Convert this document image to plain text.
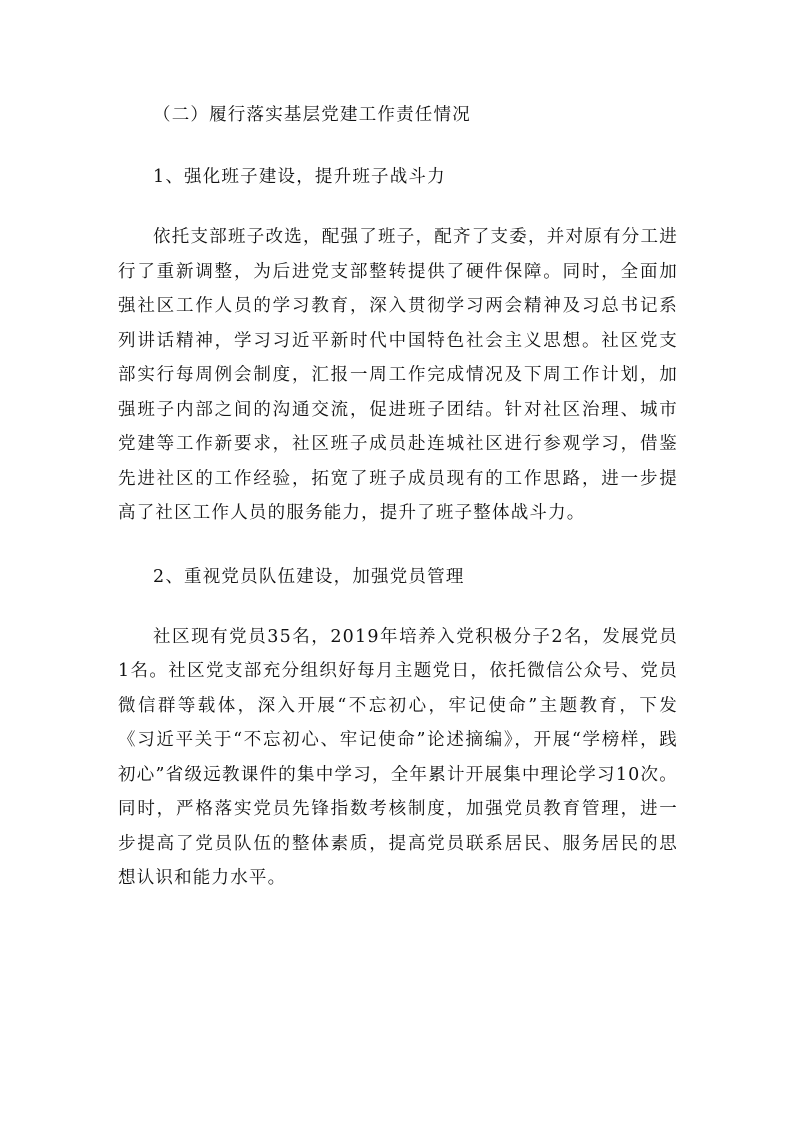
（二）履行落实基层党建工作责任情况
1、强化班子建设，提升班子战斗力

依托支部班子改选，配强了班子，配齐了支委，并对原有分工进行了重新调整，为后进党支部整转提供了硬件保障。同时，全面加强社区工作人员的学习教育，深入贯彻学习两会精神及习总书记系列讲话精神，学习习近平新时代中国特色社会主义思想。社区党支部实行每周例会制度，汇报一周工作完成情况及下周工作计划，加强班子内部之间的沟通交流，促进班子团结。针对社区治理、城市党建等工作新要求，社区班子成员赴连城社区进行参观学习，借鉴先进社区的工作经验，拓宽了班子成员现有的工作思路，进一步提高了社区工作人员的服务能力，提升了班子整体战斗力。

2、重视党员队伍建设，加强党员管理

社区现有党员35名，2019年培养入党积极分子2名，发展党员1名。社区党支部充分组织好每月主题党日，依托微信公众号、党员微信群等载体，深入开展“不忘初心，牢记使命”主题教育，下发《习近平关于“不忘初心、牢记使命”论述摘编》，开展“学榜样，践初心”省级远教课件的集中学习，全年累计开展集中理论学习10次。同时，严格落实党员先锋指数考核制度，加强党员教育管理，进一步提高了党员队伍的整体素质，提高党员联系居民、服务居民的思想认识和能力水平。
